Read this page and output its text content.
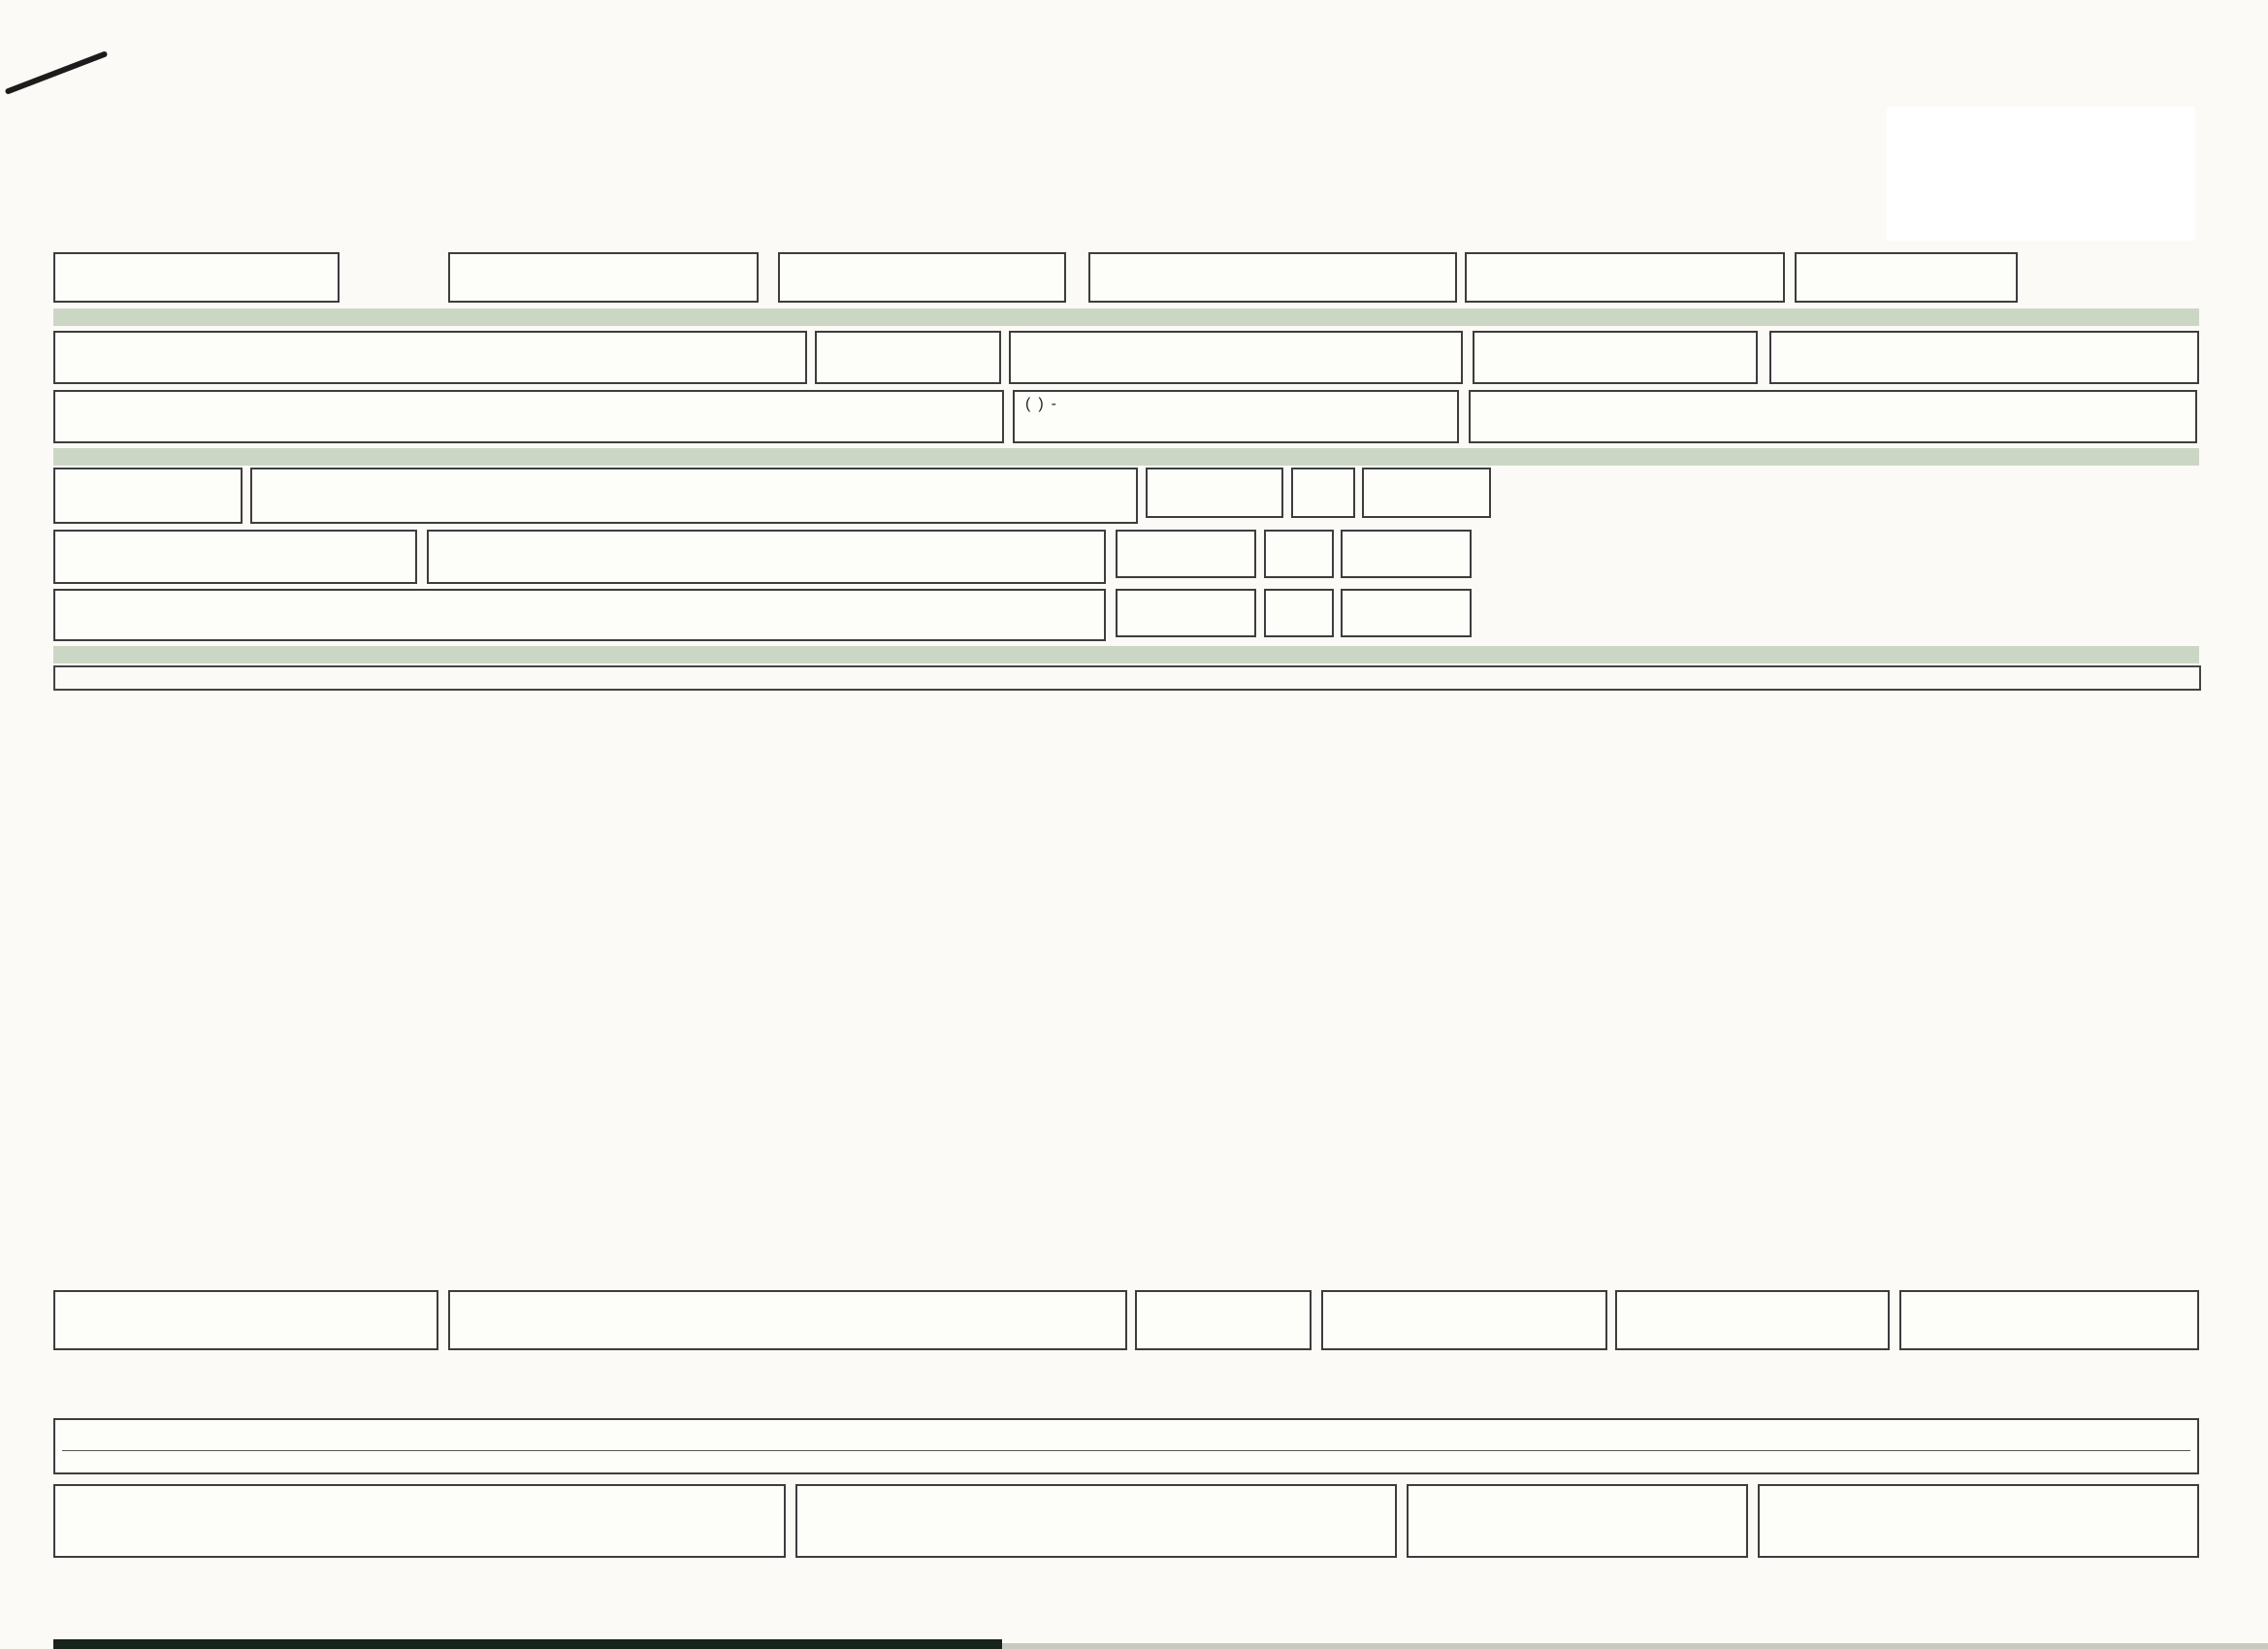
( ) -
